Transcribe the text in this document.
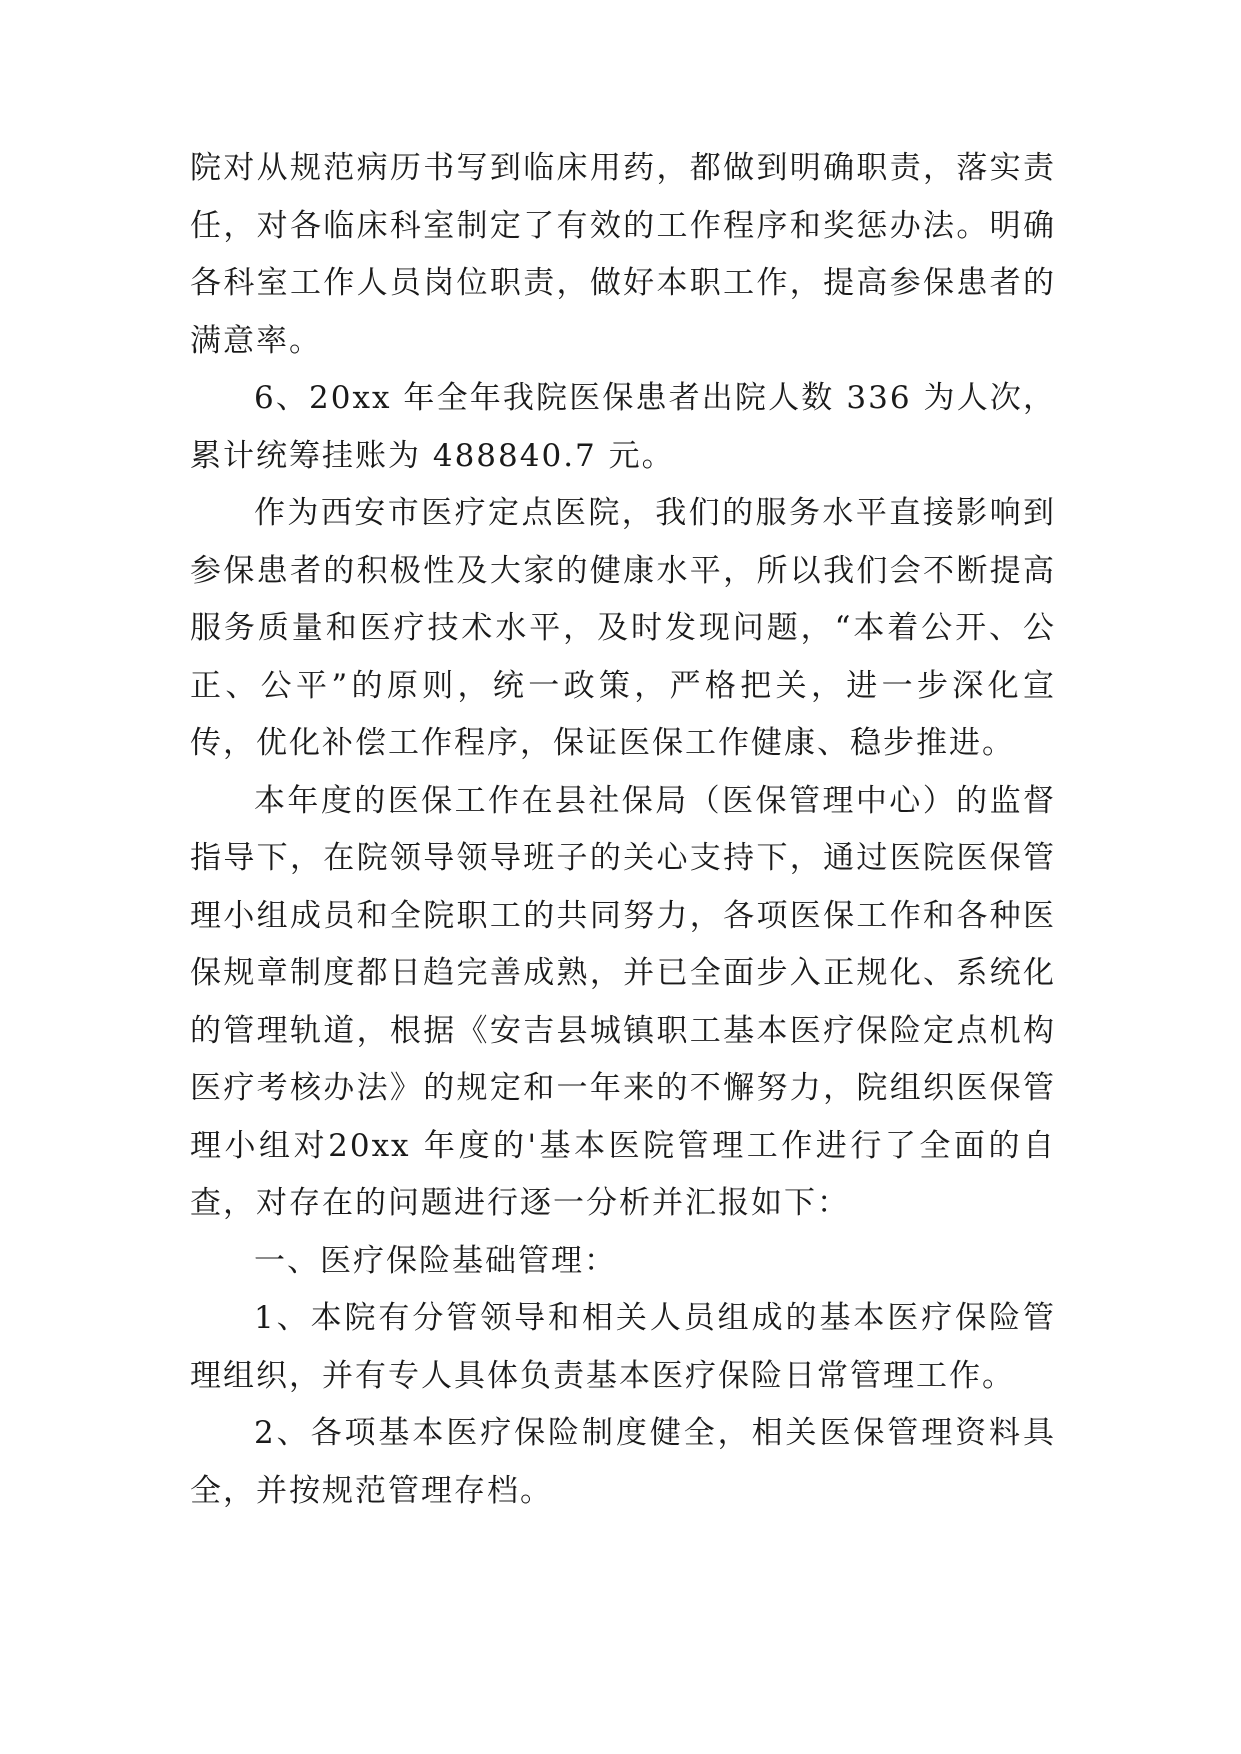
院对从规范病历书写到临床用药，都做到明确职责，落实责任，对各临床科室制定了有效的工作程序和奖惩办法。明确各科室工作人员岗位职责，做好本职工作，提高参保患者的满意率。

6、20xx 年全年我院医保患者出院人数 336 为人次，累计统筹挂账为 488840.7 元。

作为西安市医疗定点医院，我们的服务水平直接影响到参保患者的积极性及大家的健康水平，所以我们会不断提高服务质量和医疗技术水平，及时发现问题，“本着公开、公正、公平”的原则，统一政策，严格把关，进一步深化宣传，优化补偿工作程序，保证医保工作健康、稳步推进。

本年度的医保工作在县社保局（医保管理中心）的监督指导下，在院领导领导班子的关心支持下，通过医院医保管理小组成员和全院职工的共同努力，各项医保工作和各种医保规章制度都日趋完善成熟，并已全面步入正规化、系统化的管理轨道，根据《安吉县城镇职工基本医疗保险定点机构医疗考核办法》的规定和一年来的不懈努力，院组织医保管理小组对20xx 年度的'基本医院管理工作进行了全面的自查，对存在的问题进行逐一分析并汇报如下：

一、医疗保险基础管理：

1、本院有分管领导和相关人员组成的基本医疗保险管理组织，并有专人具体负责基本医疗保险日常管理工作。

2、各项基本医疗保险制度健全，相关医保管理资料具全，并按规范管理存档。
